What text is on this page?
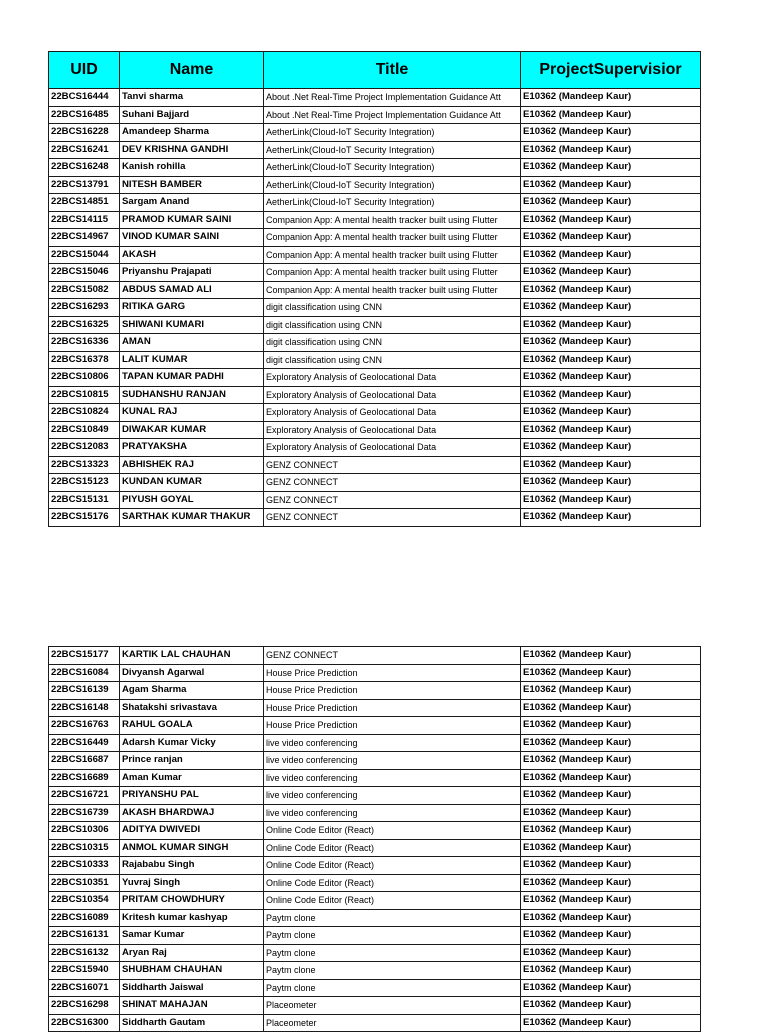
UID	Name	Title	ProjectSupervisior
22BCS16444	Tanvi sharma	About .Net Real-Time Project Implementation Guidance Att	E10362 (Mandeep Kaur)
22BCS16485	Suhani Bajjard	About .Net Real-Time Project Implementation Guidance Att	E10362 (Mandeep Kaur)
22BCS16228	Amandeep Sharma	AetherLink(Cloud-IoT Security Integration)	E10362 (Mandeep Kaur)
22BCS16241	DEV KRISHNA GANDHI	AetherLink(Cloud-IoT Security Integration)	E10362 (Mandeep Kaur)
22BCS16248	Kanish rohilla	AetherLink(Cloud-IoT Security Integration)	E10362 (Mandeep Kaur)
22BCS13791	NITESH BAMBER	AetherLink(Cloud-IoT Security Integration)	E10362 (Mandeep Kaur)
22BCS14851	Sargam Anand	AetherLink(Cloud-IoT Security Integration)	E10362 (Mandeep Kaur)
22BCS14115	PRAMOD KUMAR SAINI	Companion App: A mental health tracker built using Flutter	E10362 (Mandeep Kaur)
22BCS14967	VINOD KUMAR SAINI	Companion App: A mental health tracker built using Flutter	E10362 (Mandeep Kaur)
22BCS15044	AKASH	Companion App: A mental health tracker built using Flutter	E10362 (Mandeep Kaur)
22BCS15046	Priyanshu Prajapati	Companion App: A mental health tracker built using Flutter	E10362 (Mandeep Kaur)
22BCS15082	ABDUS SAMAD ALI	Companion App: A mental health tracker built using Flutter	E10362 (Mandeep Kaur)
22BCS16293	RITIKA GARG	digit classification using CNN	E10362 (Mandeep Kaur)
22BCS16325	SHIWANI KUMARI	digit classification using CNN	E10362 (Mandeep Kaur)
22BCS16336	AMAN	digit classification using CNN	E10362 (Mandeep Kaur)
22BCS16378	LALIT KUMAR	digit classification using CNN	E10362 (Mandeep Kaur)
22BCS10806	TAPAN KUMAR PADHI	Exploratory Analysis of Geolocational Data	E10362 (Mandeep Kaur)
22BCS10815	SUDHANSHU RANJAN	Exploratory Analysis of Geolocational Data	E10362 (Mandeep Kaur)
22BCS10824	KUNAL RAJ	Exploratory Analysis of Geolocational Data	E10362 (Mandeep Kaur)
22BCS10849	DIWAKAR KUMAR	Exploratory Analysis of Geolocational Data	E10362 (Mandeep Kaur)
22BCS12083	PRATYAKSHA	Exploratory Analysis of Geolocational Data	E10362 (Mandeep Kaur)
22BCS13323	ABHISHEK RAJ	GENZ CONNECT	E10362 (Mandeep Kaur)
22BCS15123	KUNDAN KUMAR	GENZ CONNECT	E10362 (Mandeep Kaur)
22BCS15131	PIYUSH GOYAL	GENZ CONNECT	E10362 (Mandeep Kaur)
22BCS15176	SARTHAK KUMAR THAKUR	GENZ CONNECT	E10362 (Mandeep Kaur)
22BCS15177	KARTIK LAL CHAUHAN	GENZ CONNECT	E10362 (Mandeep Kaur)
22BCS16084	Divyansh Agarwal	House Price Prediction	E10362 (Mandeep Kaur)
22BCS16139	Agam Sharma	House Price Prediction	E10362 (Mandeep Kaur)
22BCS16148	Shatakshi srivastava	House Price Prediction	E10362 (Mandeep Kaur)
22BCS16763	RAHUL GOALA	House Price Prediction	E10362 (Mandeep Kaur)
22BCS16449	Adarsh Kumar Vicky	live video conferencing	E10362 (Mandeep Kaur)
22BCS16687	Prince ranjan	live video conferencing	E10362 (Mandeep Kaur)
22BCS16689	Aman Kumar	live video conferencing	E10362 (Mandeep Kaur)
22BCS16721	PRIYANSHU PAL	live video conferencing	E10362 (Mandeep Kaur)
22BCS16739	AKASH BHARDWAJ	live video conferencing	E10362 (Mandeep Kaur)
22BCS10306	ADITYA DWIVEDI	Online Code Editor (React)	E10362 (Mandeep Kaur)
22BCS10315	ANMOL KUMAR SINGH	Online Code Editor (React)	E10362 (Mandeep Kaur)
22BCS10333	Rajababu Singh	Online Code Editor (React)	E10362 (Mandeep Kaur)
22BCS10351	Yuvraj Singh	Online Code Editor (React)	E10362 (Mandeep Kaur)
22BCS10354	PRITAM CHOWDHURY	Online Code Editor (React)	E10362 (Mandeep Kaur)
22BCS16089	Kritesh kumar kashyap	Paytm clone	E10362 (Mandeep Kaur)
22BCS16131	Samar Kumar	Paytm clone	E10362 (Mandeep Kaur)
22BCS16132	Aryan Raj	Paytm clone	E10362 (Mandeep Kaur)
22BCS15940	SHUBHAM CHAUHAN	Paytm clone	E10362 (Mandeep Kaur)
22BCS16071	Siddharth Jaiswal	Paytm clone	E10362 (Mandeep Kaur)
22BCS16298	SHINAT MAHAJAN	Placeometer	E10362 (Mandeep Kaur)
22BCS16300	Siddharth Gautam	Placeometer	E10362 (Mandeep Kaur)
